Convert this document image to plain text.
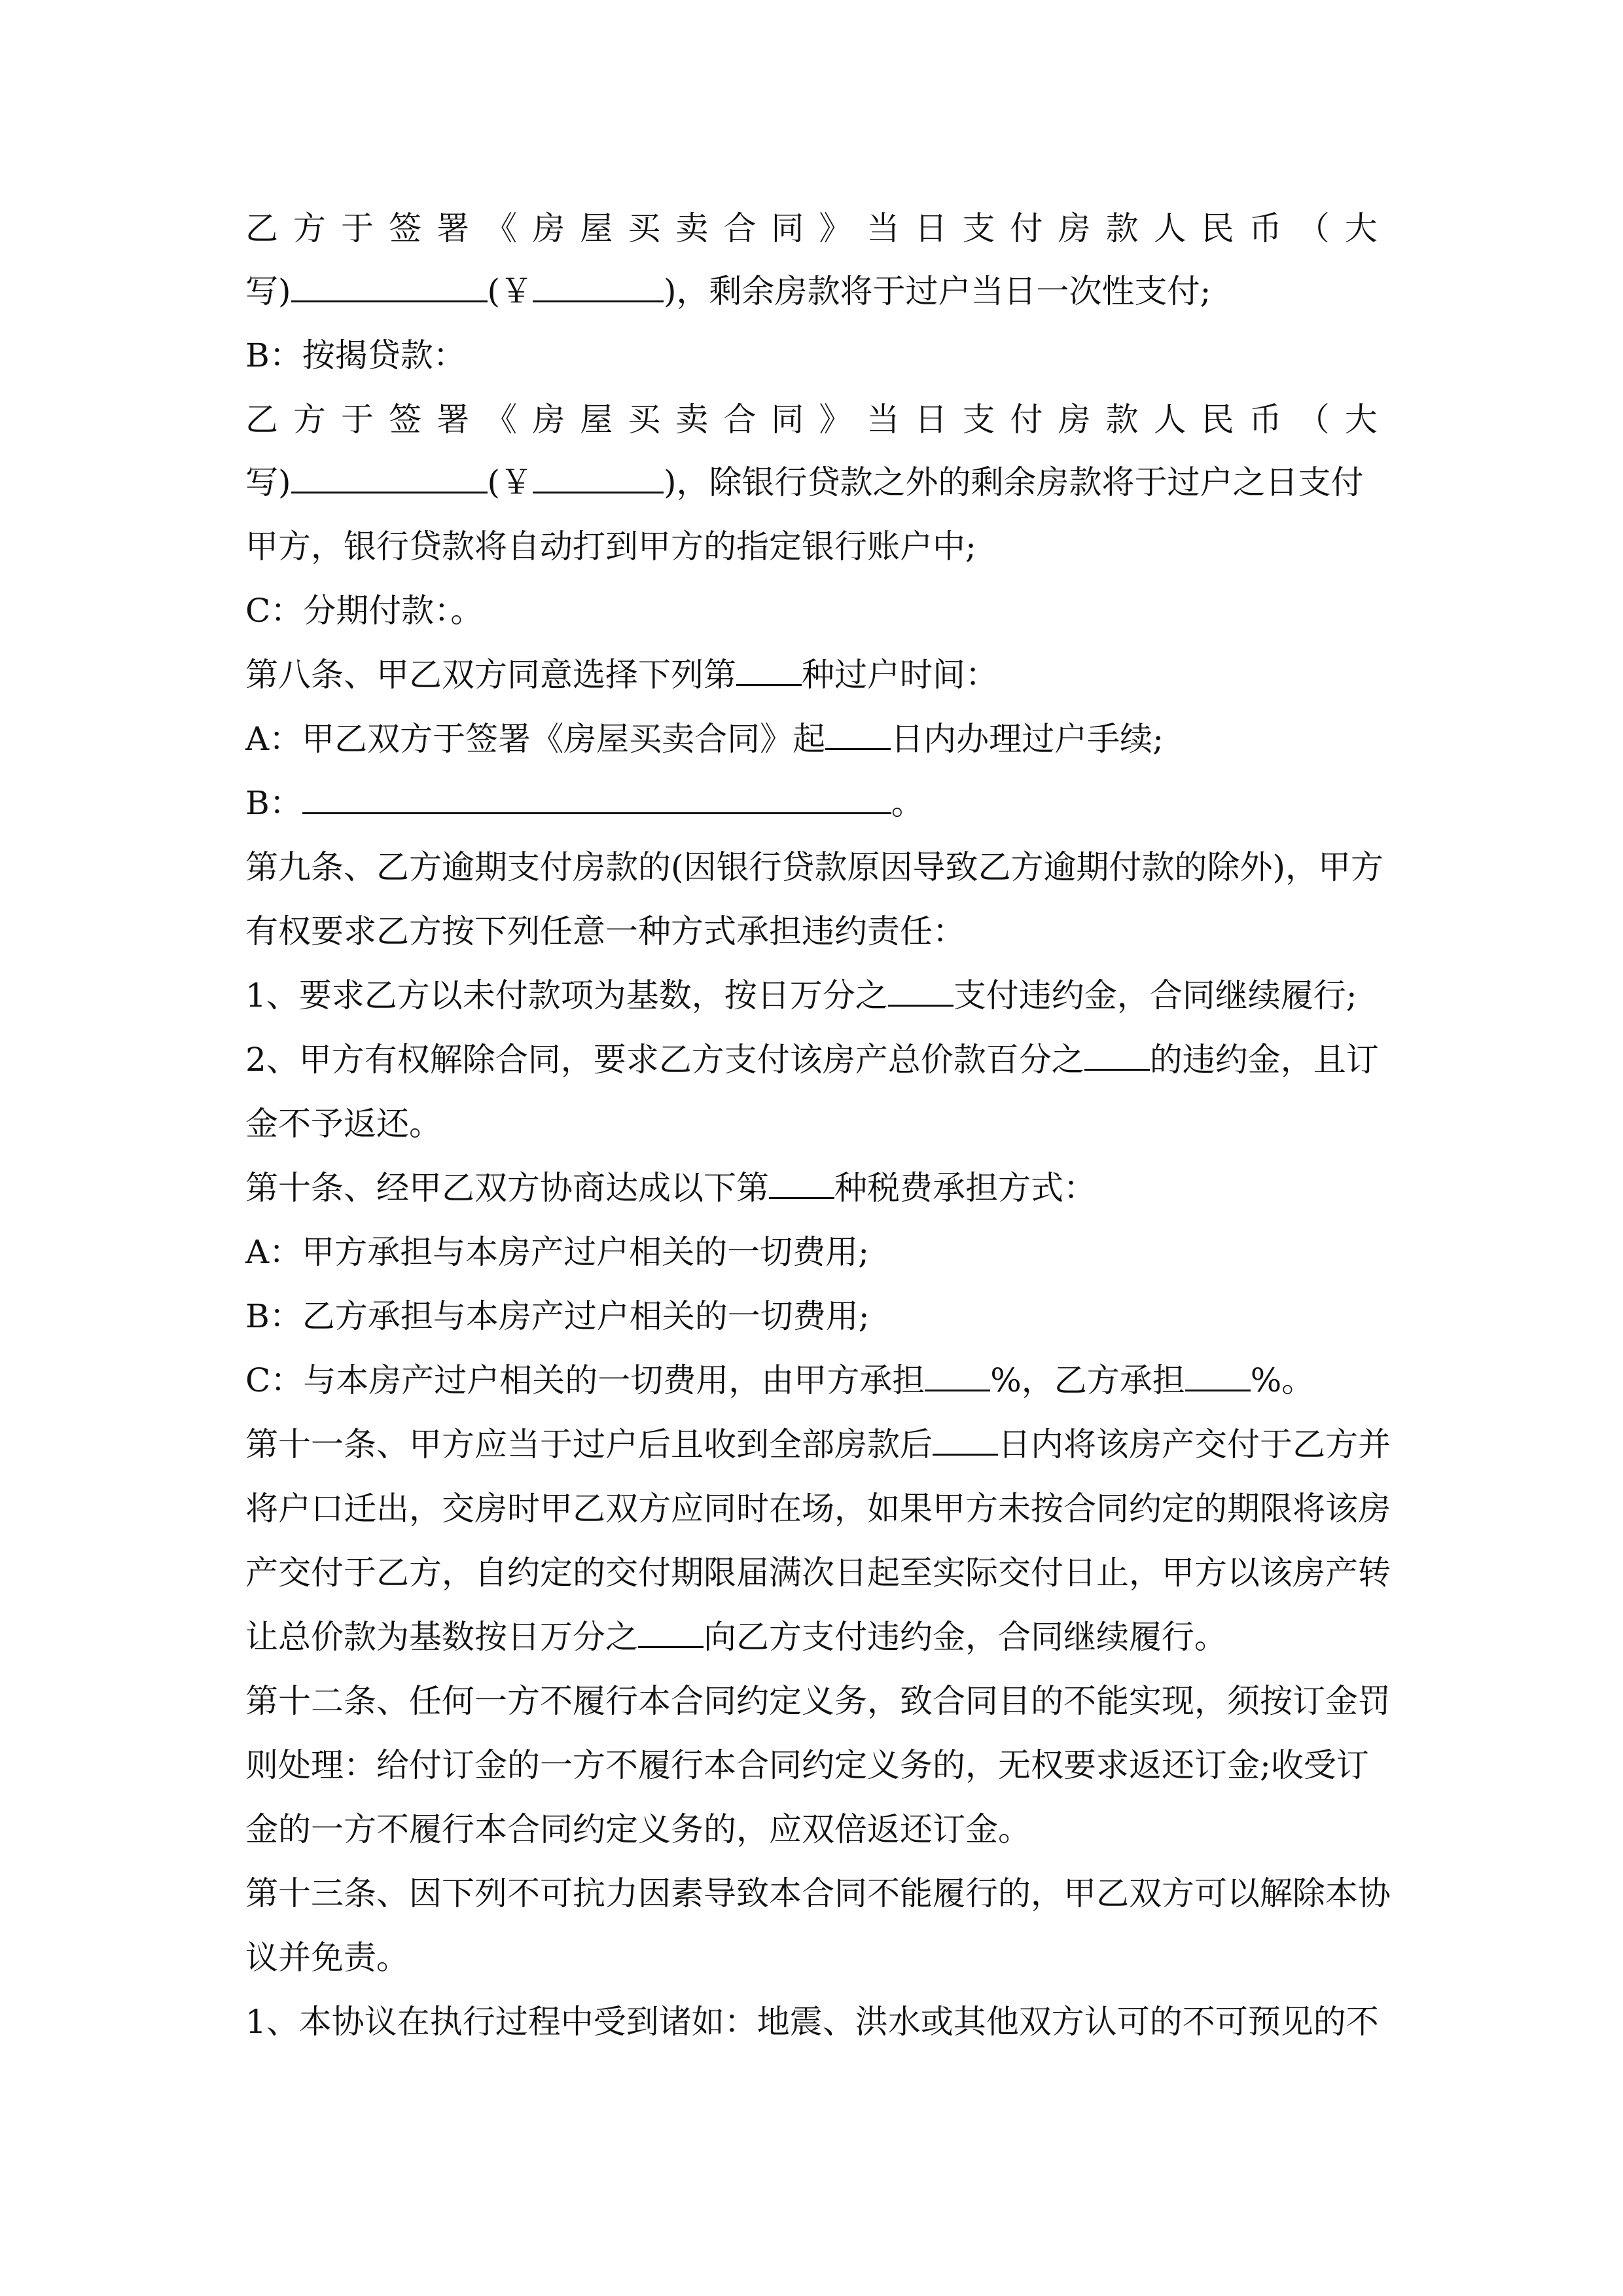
乙 方 于 签 署 《 房 屋 买 卖 合 同 》 当 日 支 付 房 款 人 民 币 （ 大
写)	(￥	)，剩余房款将于过户当日一次性支付;
B：按揭贷款：
乙 方 于 签 署 《 房 屋 买 卖 合 同 》 当 日 支 付 房 款 人 民 币 （ 大
写)	(￥	)，除银行贷款之外的剩余房款将于过户之日支付
甲方，银行贷款将自动打到甲方的指定银行账户中;
C：分期付款：。
第八条、甲乙双方同意选择下列第 种过户时间：
A：甲乙双方于签署《房屋买卖合同》起 日内办理过户手续;
B：	。
第九条、乙方逾期支付房款的(因银行贷款原因导致乙方逾期付款的除外)，甲方
有权要求乙方按下列任意一种方式承担违约责任：
1、要求乙方以未付款项为基数，按日万分之 支付违约金，合同继续履行;
2、甲方有权解除合同，要求乙方支付该房产总价款百分之 的违约金，且订
金不予返还。
第十条、经甲乙双方协商达成以下第 种税费承担方式：
A：甲方承担与本房产过户相关的一切费用;
B：乙方承担与本房产过户相关的一切费用;
C：与本房产过户相关的一切费用，由甲方承担 %，乙方承担 %。
第十一条、甲方应当于过户后且收到全部房款后 日内将该房产交付于乙方并
将户口迁出，交房时甲乙双方应同时在场，如果甲方未按合同约定的期限将该房
产交付于乙方，自约定的交付期限届满次日起至实际交付日止，甲方以该房产转
让总价款为基数按日万分之 向乙方支付违约金，合同继续履行。
第十二条、任何一方不履行本合同约定义务，致合同目的不能实现，须按订金罚
则处理：给付订金的一方不履行本合同约定义务的，无权要求返还订金;收受订
金的一方不履行本合同约定义务的，应双倍返还订金。
第十三条、因下列不可抗力因素导致本合同不能履行的，甲乙双方可以解除本协
议并免责。
1、本协议在执行过程中受到诸如：地震、洪水或其他双方认可的不可预见的不
